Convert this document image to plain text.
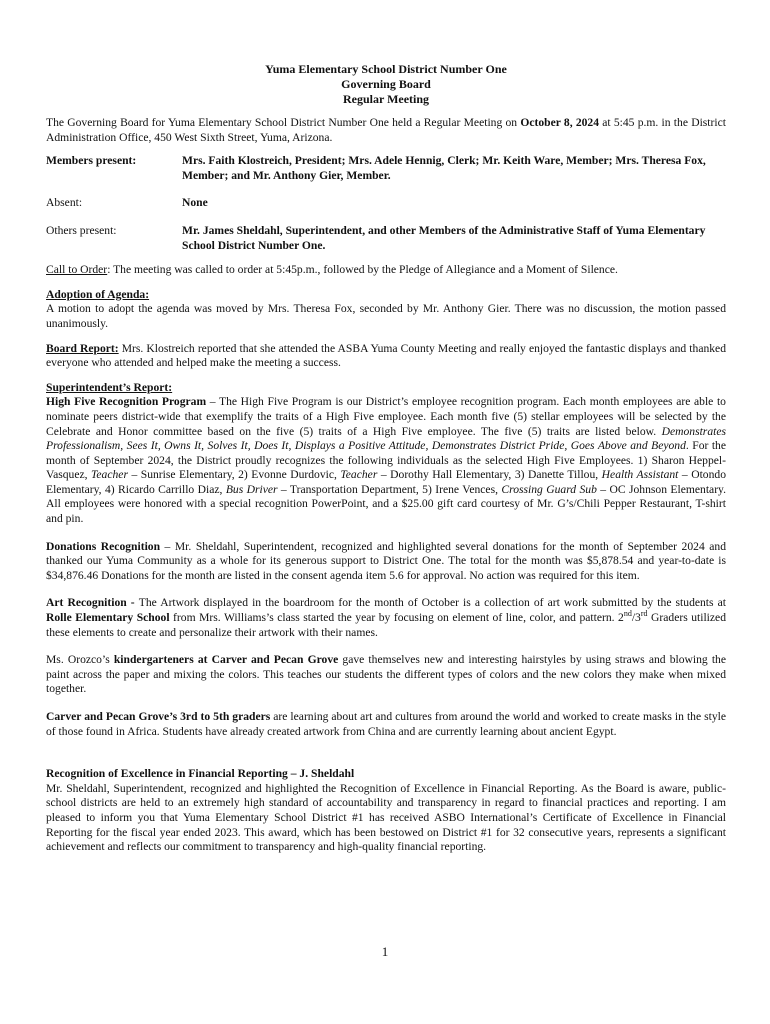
Yuma Elementary School District Number One
Governing Board
Regular Meeting

The Governing Board for Yuma Elementary School District Number One held a Regular Meeting on October 8, 2024 at 5:45 p.m. in the District Administration Office, 450 West Sixth Street, Yuma, Arizona.

Members present:	Mrs. Faith Klostreich, President; Mrs. Adele Hennig, Clerk; Mr. Keith Ware, Member; Mrs. Theresa Fox, Member; and Mr. Anthony Gier, Member.
Absent:	None
Others present:	Mr. James Sheldahl, Superintendent, and other Members of the Administrative Staff of Yuma Elementary School District Number One.

Call to Order: The meeting was called to order at 5:45p.m., followed by the Pledge of Allegiance and a Moment of Silence.

Adoption of Agenda:

A motion to adopt the agenda was moved by Mrs. Theresa Fox, seconded by Mr. Anthony Gier. There was no discussion, the motion passed unanimously.

Board Report: Mrs. Klostreich reported that she attended the ASBA Yuma County Meeting and really enjoyed the fantastic displays and thanked everyone who attended and helped make the meeting a success.

Superintendent’s Report:

High Five Recognition Program – The High Five Program is our District’s employee recognition program. Each month employees are able to nominate peers district-wide that exemplify the traits of a High Five employee. Each month five (5) stellar employees will be selected by the Celebrate and Honor committee based on the five (5) traits of a High Five employee. The five (5) traits are listed below. Demonstrates Professionalism, Sees It, Owns It, Solves It, Does It, Displays a Positive Attitude, Demonstrates District Pride, Goes Above and Beyond. For the month of September 2024, the District proudly recognizes the following individuals as the selected High Five Employees. 1) Sharon Heppel-Vasquez, Teacher – Sunrise Elementary, 2) Evonne Durdovic, Teacher – Dorothy Hall Elementary, 3) Danette Tillou, Health Assistant – Otondo Elementary, 4) Ricardo Carrillo Diaz, Bus Driver – Transportation Department, 5) Irene Vences, Crossing Guard Sub – OC Johnson Elementary. All employees were honored with a special recognition PowerPoint, and a $25.00 gift card courtesy of Mr. G’s/Chili Pepper Restaurant, T-shirt and pin.

Donations Recognition – Mr. Sheldahl, Superintendent, recognized and highlighted several donations for the month of September 2024 and thanked our Yuma Community as a whole for its generous support to District One. The total for the month was $5,878.54 and year-to-date is $34,876.46 Donations for the month are listed in the consent agenda item 5.6 for approval. No action was required for this item.

Art Recognition - The Artwork displayed in the boardroom for the month of October is a collection of art work submitted by the students at Rolle Elementary School from Mrs. Williams’s class started the year by focusing on element of line, color, and pattern. 2nd/3rd Graders utilized these elements to create and personalize their artwork with their names.

Ms. Orozco’s kindergarteners at Carver and Pecan Grove gave themselves new and interesting hairstyles by using straws and blowing the paint across the paper and mixing the colors. This teaches our students the different types of colors and the new colors they make when mixed together.

Carver and Pecan Grove’s 3rd to 5th graders are learning about art and cultures from around the world and worked to create masks in the style of those found in Africa. Students have already created artwork from China and are currently learning about ancient Egypt.

Recognition of Excellence in Financial Reporting – J. Sheldahl

Mr. Sheldahl, Superintendent, recognized and highlighted the Recognition of Excellence in Financial Reporting. As the Board is aware, public-school districts are held to an extremely high standard of accountability and transparency in regard to financial practices and reporting. I am pleased to inform you that Yuma Elementary School District #1 has received ASBO International’s Certificate of Excellence in Financial Reporting for the fiscal year ended 2023. This award, which has been bestowed on District #1 for 32 consecutive years, represents a significant achievement and reflects our commitment to transparency and high-quality financial reporting.

1
